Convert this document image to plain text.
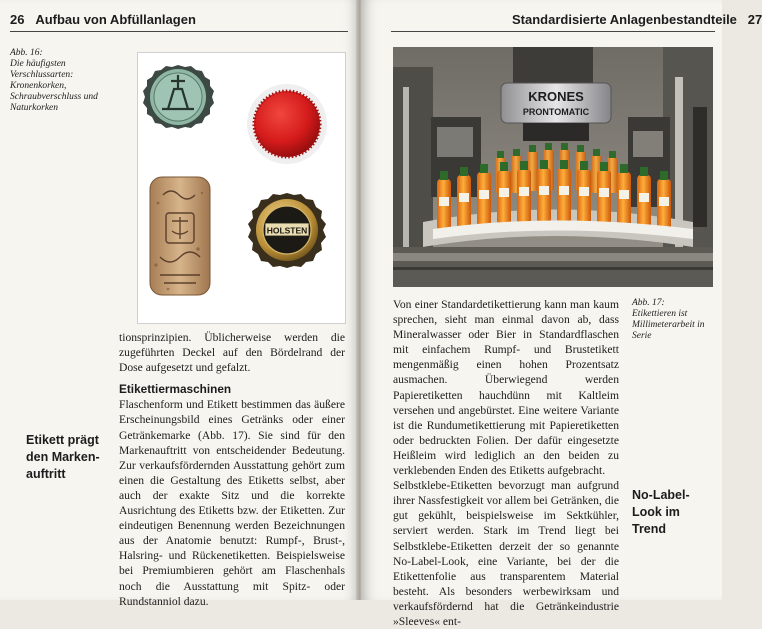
26 Aufbau von Abfüllanlagen
Abb. 16:
Die häufigsten Verschlussarten: Kronenkorken, Schraubverschluss und Naturkorken
HOLSTEN
tionsprinzipien. Üblicherweise werden die zugeführten Deckel auf den Bördelrand der Dose aufgesetzt und gefalzt.
Etikettiermaschinen
Flaschenform und Etikett bestimmen das äußere Erscheinungsbild eines Getränks oder einer Getränkemarke (Abb. 17). Sie sind für den Markenauftritt von entscheidender Bedeutung. Zur verkaufsfördernden Ausstattung gehört zum einen die Gestaltung des Etiketts selbst, aber auch der exakte Sitz und die korrekte Ausrichtung des Etiketts bzw. der Etiketten. Zur eindeutigen Benennung werden Bezeichnungen aus der Anatomie benutzt: Rumpf-, Brust-, Halsring- und Rückenetiketten. Beispielsweise bei Premiumbieren gehört am Flaschenhals noch die Ausstattung mit Spitz- oder Rundstanniol dazu.
Etikett prägt den Marken-auftritt
Standardisierte Anlagenbestandteile 27
KRONES
PRONTOMATIC
Abb. 17:
Etikettieren ist Millimeterarbeit in Serie
Von einer Standardetikettierung kann man kaum sprechen, sieht man einmal davon ab, dass Mineralwasser oder Bier in Standardflaschen mit einfachem Rumpf- und Brustetikett mengenmäßig einen hohen Prozentsatz ausmachen. Überwiegend werden Papieretiketten hauchdünn mit Kaltleim versehen und angebürstet. Eine weitere Variante ist die Rundumetikettierung mit Papieretiketten oder bedruckten Folien. Der dafür eingesetzte Heißleim wird lediglich an den beiden zu verklebenden Enden des Etiketts aufgebracht.
Selbstklebe-Etiketten bevorzugt man aufgrund ihrer Nassfestigkeit vor allem bei Getränken, die gut gekühlt, beispielsweise im Sektkühler, serviert werden. Stark im Trend liegt bei Selbstklebe-Etiketten derzeit der so genannte No-Label-Look, eine Variante, bei der die Etikettenfolie aus transparentem Material besteht. Als besonders werbewirksam und verkaufsfördernd hat die Getränkeindustrie »Sleeves« ent-
No-Label-Look im Trend
